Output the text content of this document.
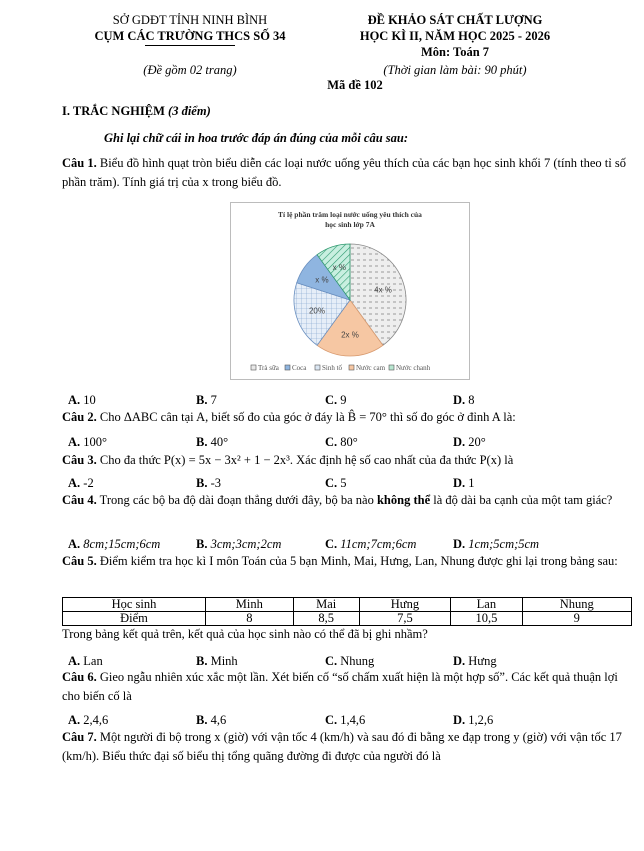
SỞ GDĐT TỈNH NINH BÌNH
CỤM CÁC TRƯỜNG THCS SỐ 34
(Đề gồm 02 trang)
ĐỀ KHẢO SÁT CHẤT LƯỢNG
HỌC KÌ II, NĂM HỌC 2025 - 2026
Môn: Toán 7
(Thời gian làm bài: 90 phút)
Mã đề 102
I. TRẮC NGHIỆM (3 điểm)
Ghi lại chữ cái in hoa trước đáp án đúng của mỗi câu sau:
Câu 1. Biểu đồ hình quạt tròn biểu diễn các loại nước uống yêu thích của các bạn học sinh khối 7 (tính theo tỉ số phần trăm). Tính giá trị của x trong biểu đồ.
Tỉ lệ phần trăm loại nước uống yêu thích của
học sinh lớp 7A
4x %
2x %
20%
x %
x %
Trà sữa Coca Sinh tố Nước cam Nước chanh
A. 10	B. 7	C. 9	D. 8
Câu 2. Cho ΔABC cân tại A, biết số đo của góc ở đáy là B̂ = 70° thì số đo góc ở đỉnh A là:
A. 100°	B. 40°	C. 80°	D. 20°
Câu 3. Cho đa thức P(x) = 5x − 3x² + 1 − 2x³. Xác định hệ số cao nhất của đa thức P(x) là
A. -2	B. -3	C. 5	D. 1
Câu 4. Trong các bộ ba độ dài đoạn thẳng dưới đây, bộ ba nào không thể là độ dài ba cạnh của một tam giác?
A. 8cm;15cm;6cm	B. 3cm;3cm;2cm	C. 11cm;7cm;6cm	D. 1cm;5cm;5cm
Câu 5. Điểm kiểm tra học kì I môn Toán của 5 bạn Minh, Mai, Hưng, Lan, Nhung được ghi lại trong bảng sau:
Học sinh	Minh	Mai	Hưng	Lan	Nhung
Điểm	8	8,5	7,5	10,5	9
Trong bảng kết quả trên, kết quả của học sinh nào có thể đã bị ghi nhầm?
A. Lan	B. Minh	C. Nhung	D. Hưng
Câu 6. Gieo ngẫu nhiên xúc xắc một lần. Xét biến cố “số chấm xuất hiện là một hợp số”. Các kết quả thuận lợi cho biến cố là
A. 2,4,6	B. 4,6	C. 1,4,6	D. 1,2,6
Câu 7. Một người đi bộ trong x (giờ) với vận tốc 4 (km/h) và sau đó đi bằng xe đạp trong y (giờ) với vận tốc 17 (km/h). Biểu thức đại số biểu thị tổng quãng đường đi được của người đó là
